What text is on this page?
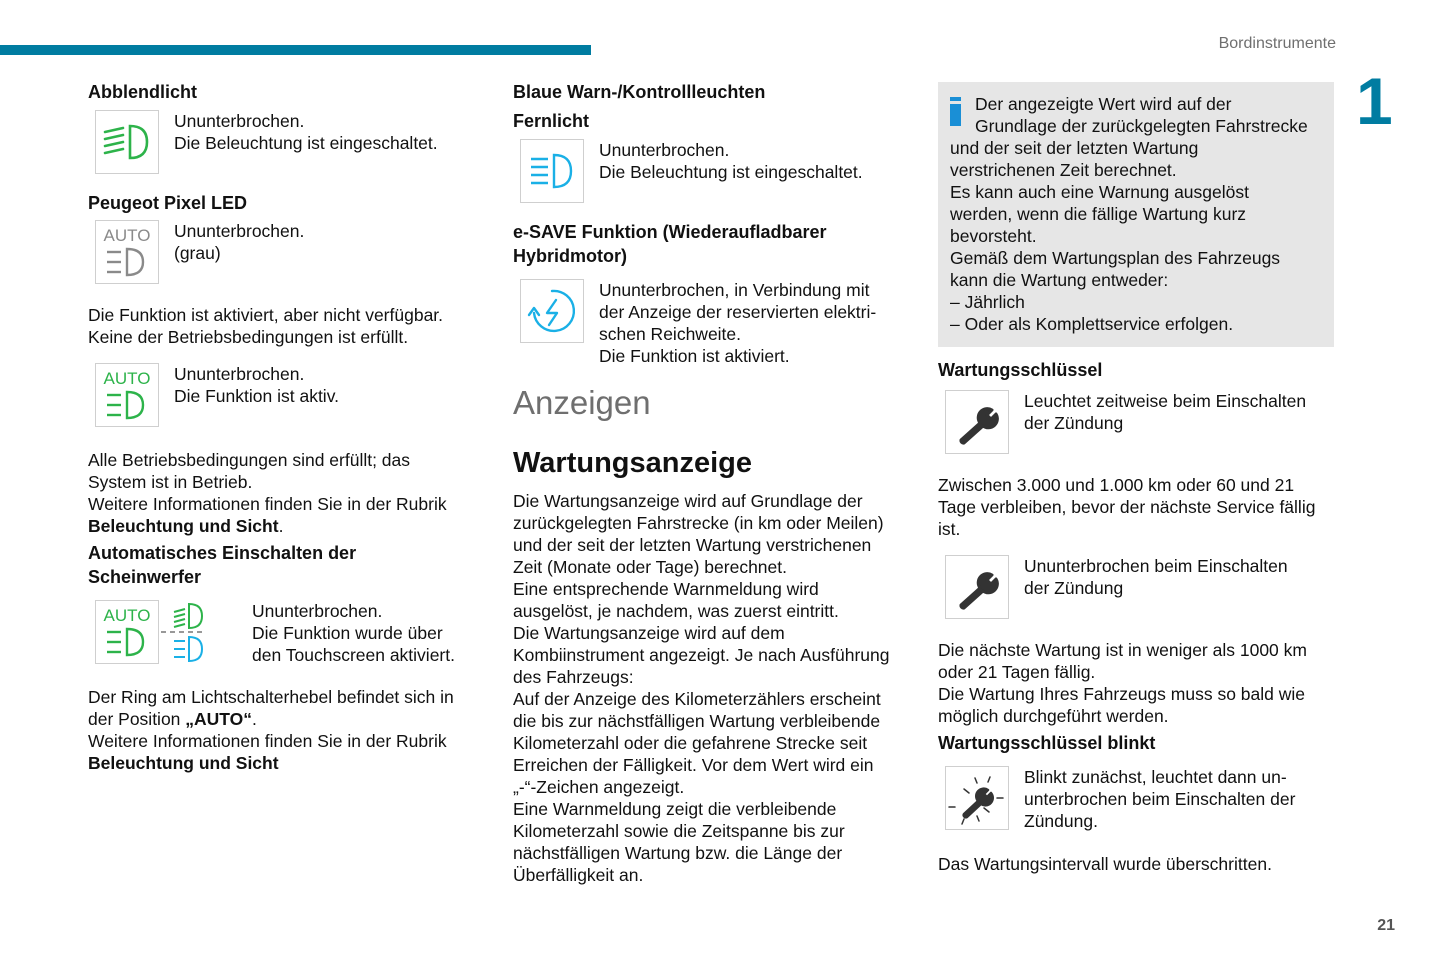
Bordinstrumente
1
21
Abblendlicht

Ununterbrochen.

Die Beleuchtung ist eingeschaltet.

Peugeot Pixel LED
AUTO Ununterbrochen.

(grau)

Die Funktion ist aktiviert, aber nicht verfügbar.

Keine der Betriebsbedingungen ist erfüllt.

AUTO Ununterbrochen.

Die Funktion ist aktiv.

Alle Betriebsbedingungen sind erfüllt; das

System ist in Betrieb.

Weitere Informationen finden Sie in der Rubrik

Beleuchtung und Sicht.

Automatisches Einschalten der
Scheinwerfer
AUTO	Ununterbrochen.

Die Funktion wurde über

den Touchscreen aktiviert.

Der Ring am Lichtschalterhebel befindet sich in

der Position „AUTO“.

Weitere Informationen finden Sie in der Rubrik

Beleuchtung und Sicht

Blaue Warn-/Kontrollleuchten
Fernlicht

Ununterbrochen.

Die Beleuchtung ist eingeschaltet.

e-SAVE Funktion (Wiederaufladbarer
Hybridmotor)

Ununterbrochen, in Verbindung mit

der Anzeige der reservierten elektri-

schen Reichweite.

Die Funktion ist aktiviert.

Anzeigen
Wartungsanzeige

Die Wartungsanzeige wird auf Grundlage der

zurückgelegten Fahrstrecke (in km oder Meilen)

und der seit der letzten Wartung verstrichenen

Zeit (Monate oder Tage) berechnet.

Eine entsprechende Warnmeldung wird

ausgelöst, je nachdem, was zuerst eintritt.

Die Wartungsanzeige wird auf dem

Kombiinstrument angezeigt. Je nach Ausführung

des Fahrzeugs:

Auf der Anzeige des Kilometerzählers erscheint

die bis zur nächstfälligen Wartung verbleibende

Kilometerzahl oder die gefahrene Strecke seit

Erreichen der Fälligkeit. Vor dem Wert wird ein

„-“-Zeichen angezeigt.

Eine Warnmeldung zeigt die verbleibende

Kilometerzahl sowie die Zeitspanne bis zur

nächstfälligen Wartung bzw. die Länge der

Überfälligkeit an.

Der angezeigte Wert wird auf der

Grundlage der zurückgelegten Fahrstrecke

und der seit der letzten Wartung

verstrichenen Zeit berechnet.

Es kann auch eine Warnung ausgelöst

werden, wenn die fällige Wartung kurz

bevorsteht.

Gemäß dem Wartungsplan des Fahrzeugs

kann die Wartung entweder:

– Jährlich

– Oder als Komplettservice erfolgen.

Wartungsschlüssel

Leuchtet zeitweise beim Einschalten

der Zündung

Zwischen 3.000 und 1.000 km oder 60 und 21

Tage verbleiben, bevor der nächste Service fällig

ist.

Ununterbrochen beim Einschalten

der Zündung

Die nächste Wartung ist in weniger als 1000 km

oder 21 Tagen fällig.

Die Wartung Ihres Fahrzeugs muss so bald wie

möglich durchgeführt werden.

Wartungsschlüssel blinkt

Blinkt zunächst, leuchtet dann un-

unterbrochen beim Einschalten der

Zündung.

Das Wartungsintervall wurde überschritten.
